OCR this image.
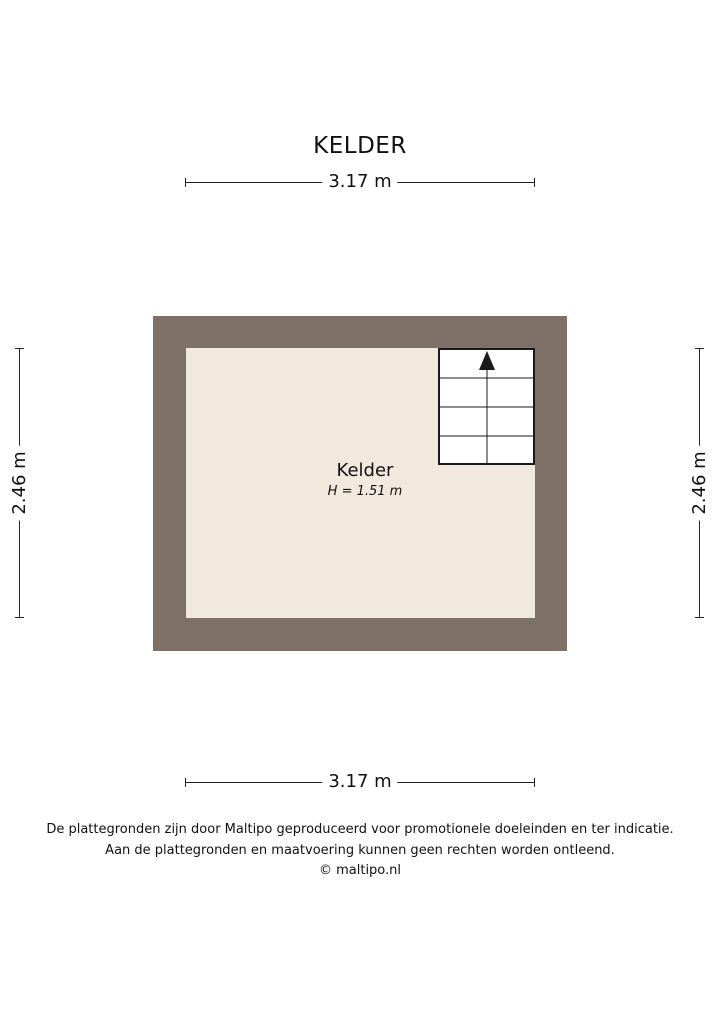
KELDER
3.17 m
2.46 m	2.46 m
Kelder
H = 1.51 m
3.17 m
De plattegronden zijn door Maltipo geproduceerd voor promotionele doeleinden en ter indicatie.
Aan de plattegronden en maatvoering kunnen geen rechten worden ontleend.
© maltipo.nl
